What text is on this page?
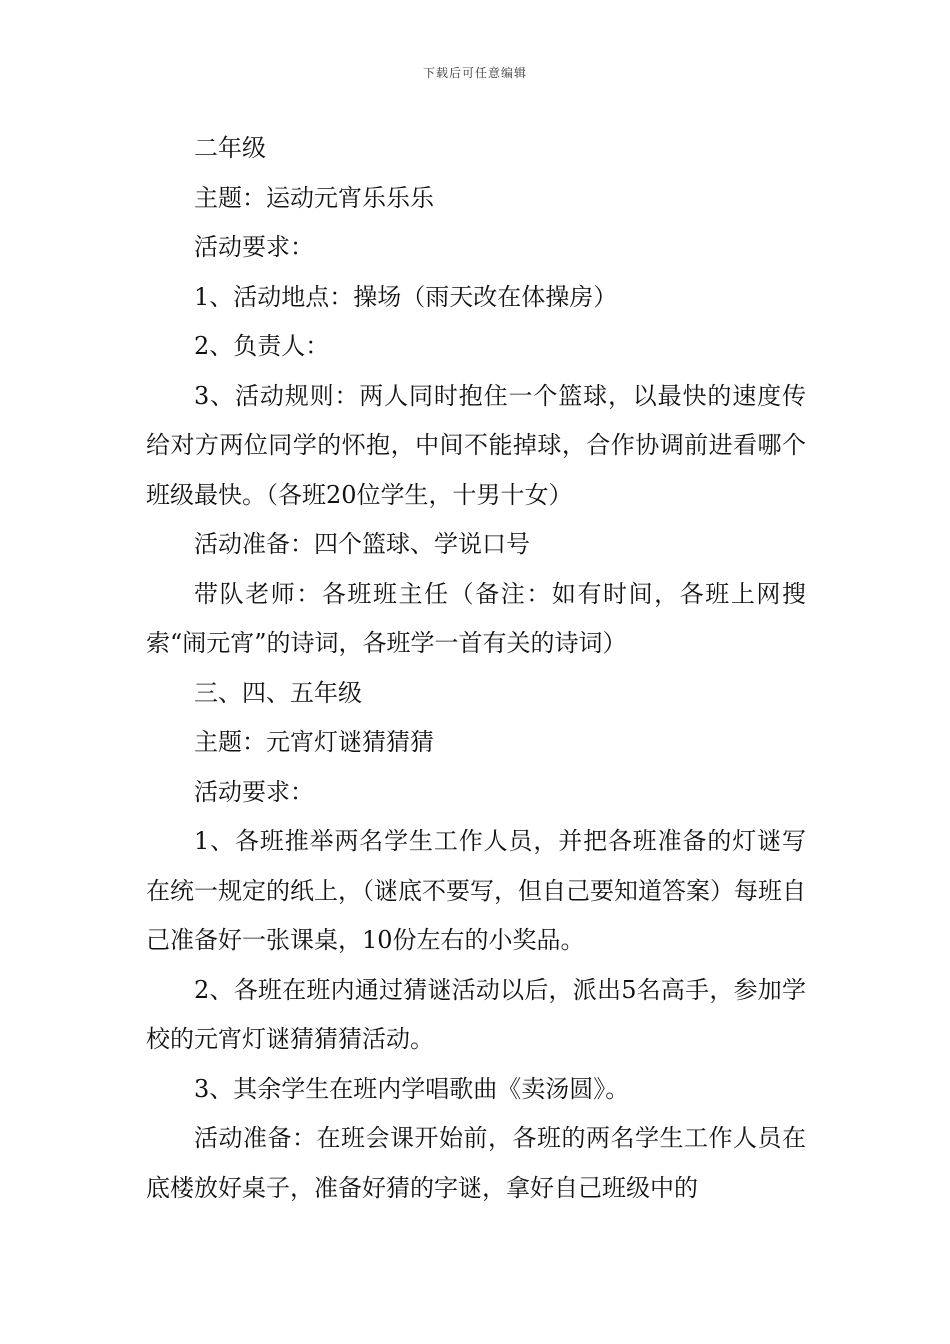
下载后可任意编辑

二年级

主题：运动元宵乐乐乐

活动要求：

1、活动地点：操场（雨天改在体操房）

2、负责人：

3、活动规则：两人同时抱住一个篮球，以最快的速度传给对方两位同学的怀抱，中间不能掉球，合作协调前进看哪个班级最快。（各班20位学生，十男十女）

活动准备：四个篮球、学说口号

带队老师：各班班主任（备注：如有时间，各班上网搜索“闹元宵”的诗词，各班学一首有关的诗词）

三、四、五年级

主题：元宵灯谜猜猜猜

活动要求：

1、各班推举两名学生工作人员，并把各班准备的灯谜写在统一规定的纸上，（谜底不要写，但自己要知道答案）每班自己准备好一张课桌，10份左右的小奖品。

2、各班在班内通过猜谜活动以后，派出5名高手，参加学校的元宵灯谜猜猜猜活动。

3、其余学生在班内学唱歌曲《卖汤圆》。

活动准备：在班会课开始前，各班的两名学生工作人员在底楼放好桌子，准备好猜的字谜，拿好自己班级中的
